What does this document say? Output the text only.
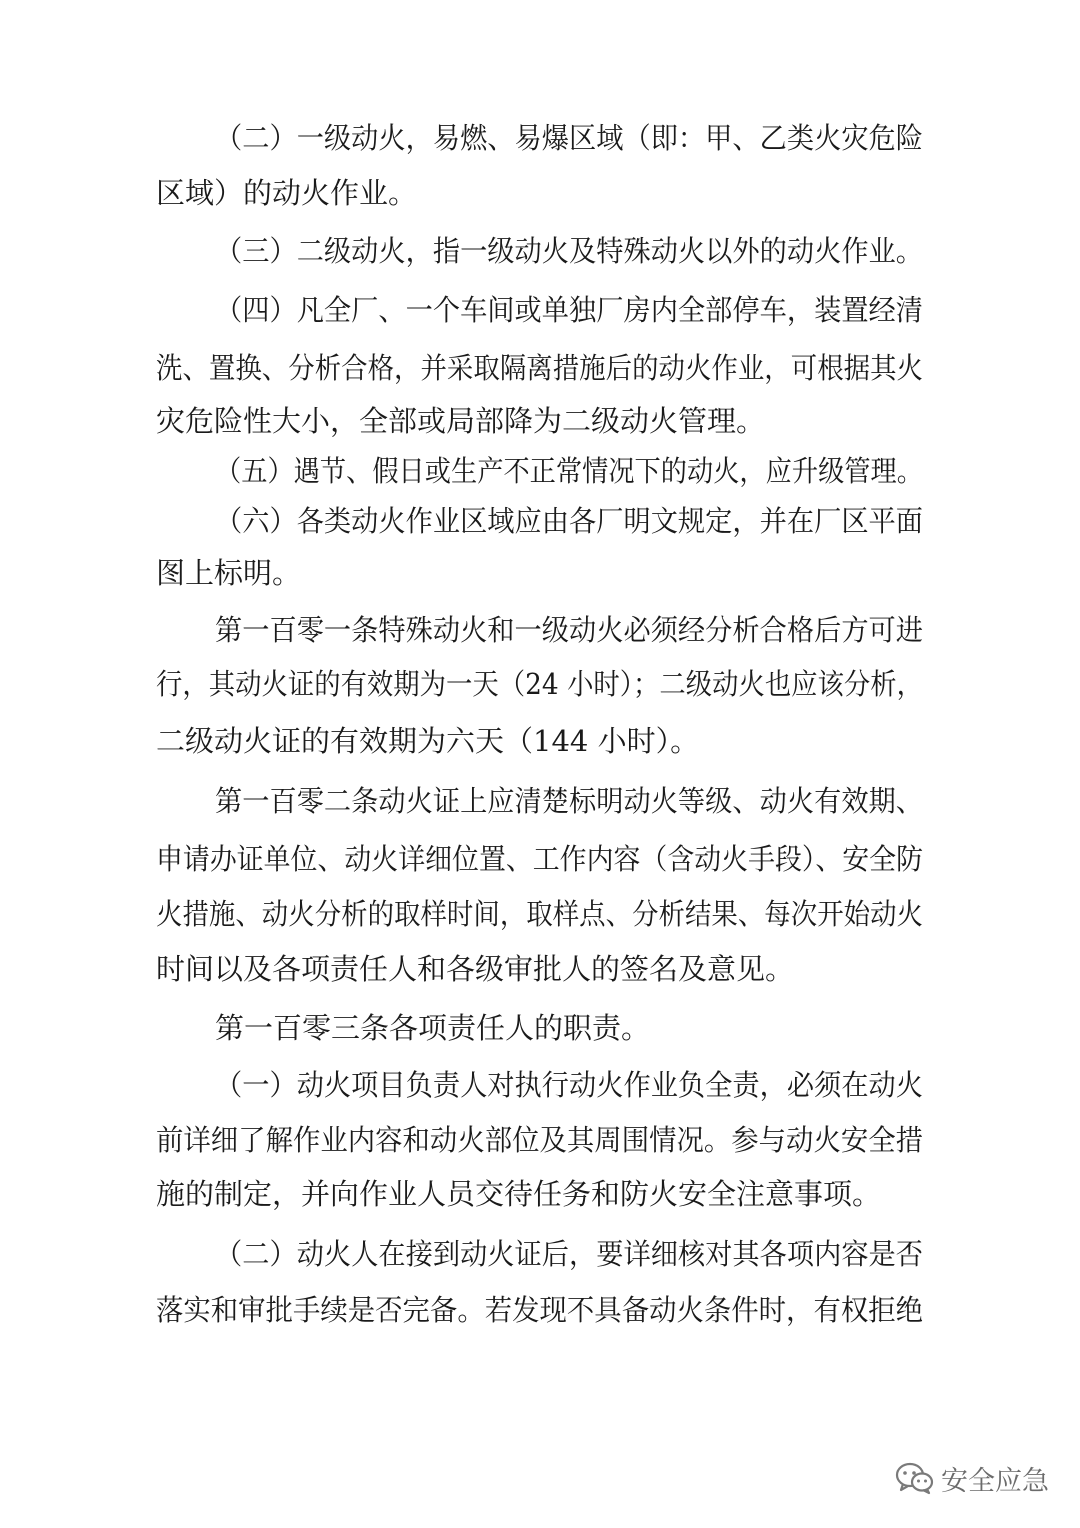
（二）一级动火，易燃、易爆区域（即：甲、乙类火灾危险
区域）的动火作业。
（三）二级动火，指一级动火及特殊动火以外的动火作业。
（四）凡全厂、一个车间或单独厂房内全部停车，装置经清
洗、置换、分析合格，并采取隔离措施后的动火作业，可根据其火
灾危险性大小，全部或局部降为二级动火管理。
（五）遇节、假日或生产不正常情况下的动火，应升级管理。
（六）各类动火作业区域应由各厂明文规定，并在厂区平面
图上标明。
第一百零一条特殊动火和一级动火必须经分析合格后方可进
行，其动火证的有效期为一天（24 小时）；二级动火也应该分析，
二级动火证的有效期为六天（144 小时）。
第一百零二条动火证上应清楚标明动火等级、动火有效期、
申请办证单位、动火详细位置、工作内容（含动火手段）、安全防
火措施、动火分析的取样时间，取样点、分析结果、每次开始动火
时间以及各项责任人和各级审批人的签名及意见。
第一百零三条各项责任人的职责。
（一）动火项目负责人对执行动火作业负全责，必须在动火
前详细了解作业内容和动火部位及其周围情况。参与动火安全措
施的制定，并向作业人员交待任务和防火安全注意事项。
（二）动火人在接到动火证后，要详细核对其各项内容是否
落实和审批手续是否完备。若发现不具备动火条件时，有权拒绝
安全应急
